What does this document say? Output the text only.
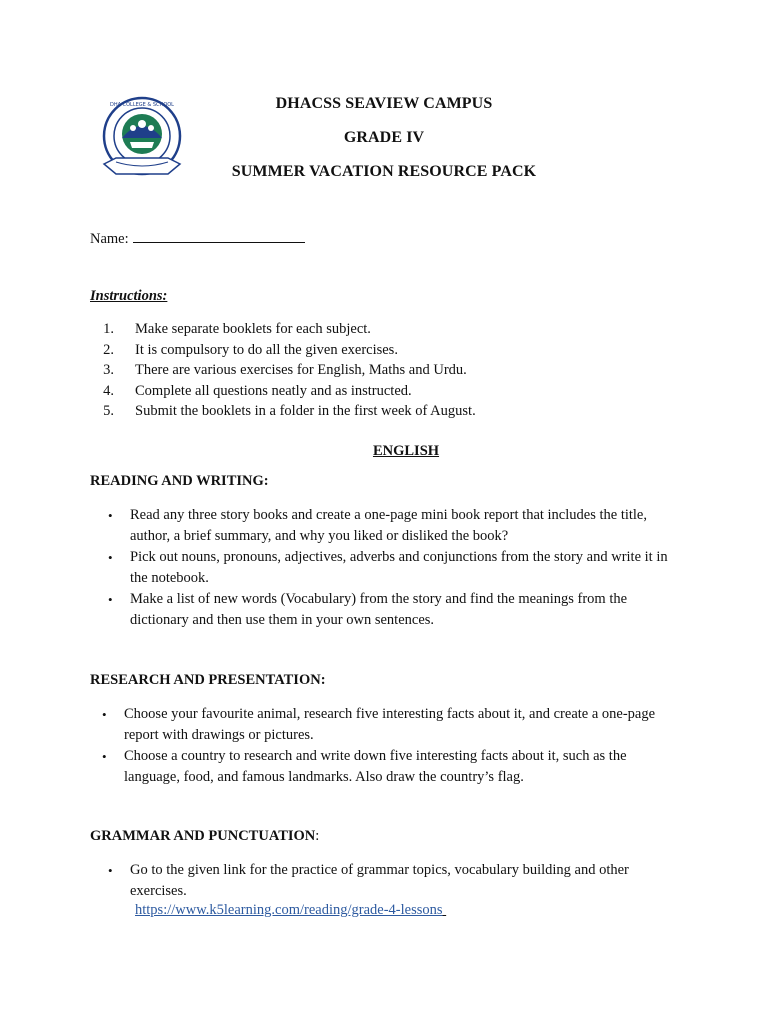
DHA COLLEGE & SCHOOL	DHACSS SEAVIEW CAMPUS
GRADE IV
SUMMER VACATION RESOURCE PACK
Name:
Instructions:
1. Make separate booklets for each subject.
2. It is compulsory to do all the given exercises.
3. There are various exercises for English, Maths and Urdu.
4. Complete all questions neatly and as instructed.
5. Submit the booklets in a folder in the first week of August.
ENGLISH
READING AND WRITING:
• Read any three story books and create a one-page mini book report that includes the title, author, a brief summary, and why you liked or disliked the book?
• Pick out nouns, pronouns, adjectives, adverbs and conjunctions from the story and write it in the notebook.
• Make a list of new words (Vocabulary) from the story and find the meanings from the dictionary and then use them in your own sentences.
RESEARCH AND PRESENTATION:
• Choose your favourite animal, research five interesting facts about it, and create a one-page report with drawings or pictures.
• Choose a country to research and write down five interesting facts about it, such as the language, food, and famous landmarks. Also draw the country’s flag.
GRAMMAR AND PUNCTUATION:
• Go to the given link for the practice of grammar topics, vocabulary building and other exercises.
https://www.k5learning.com/reading/grade-4-lessons
